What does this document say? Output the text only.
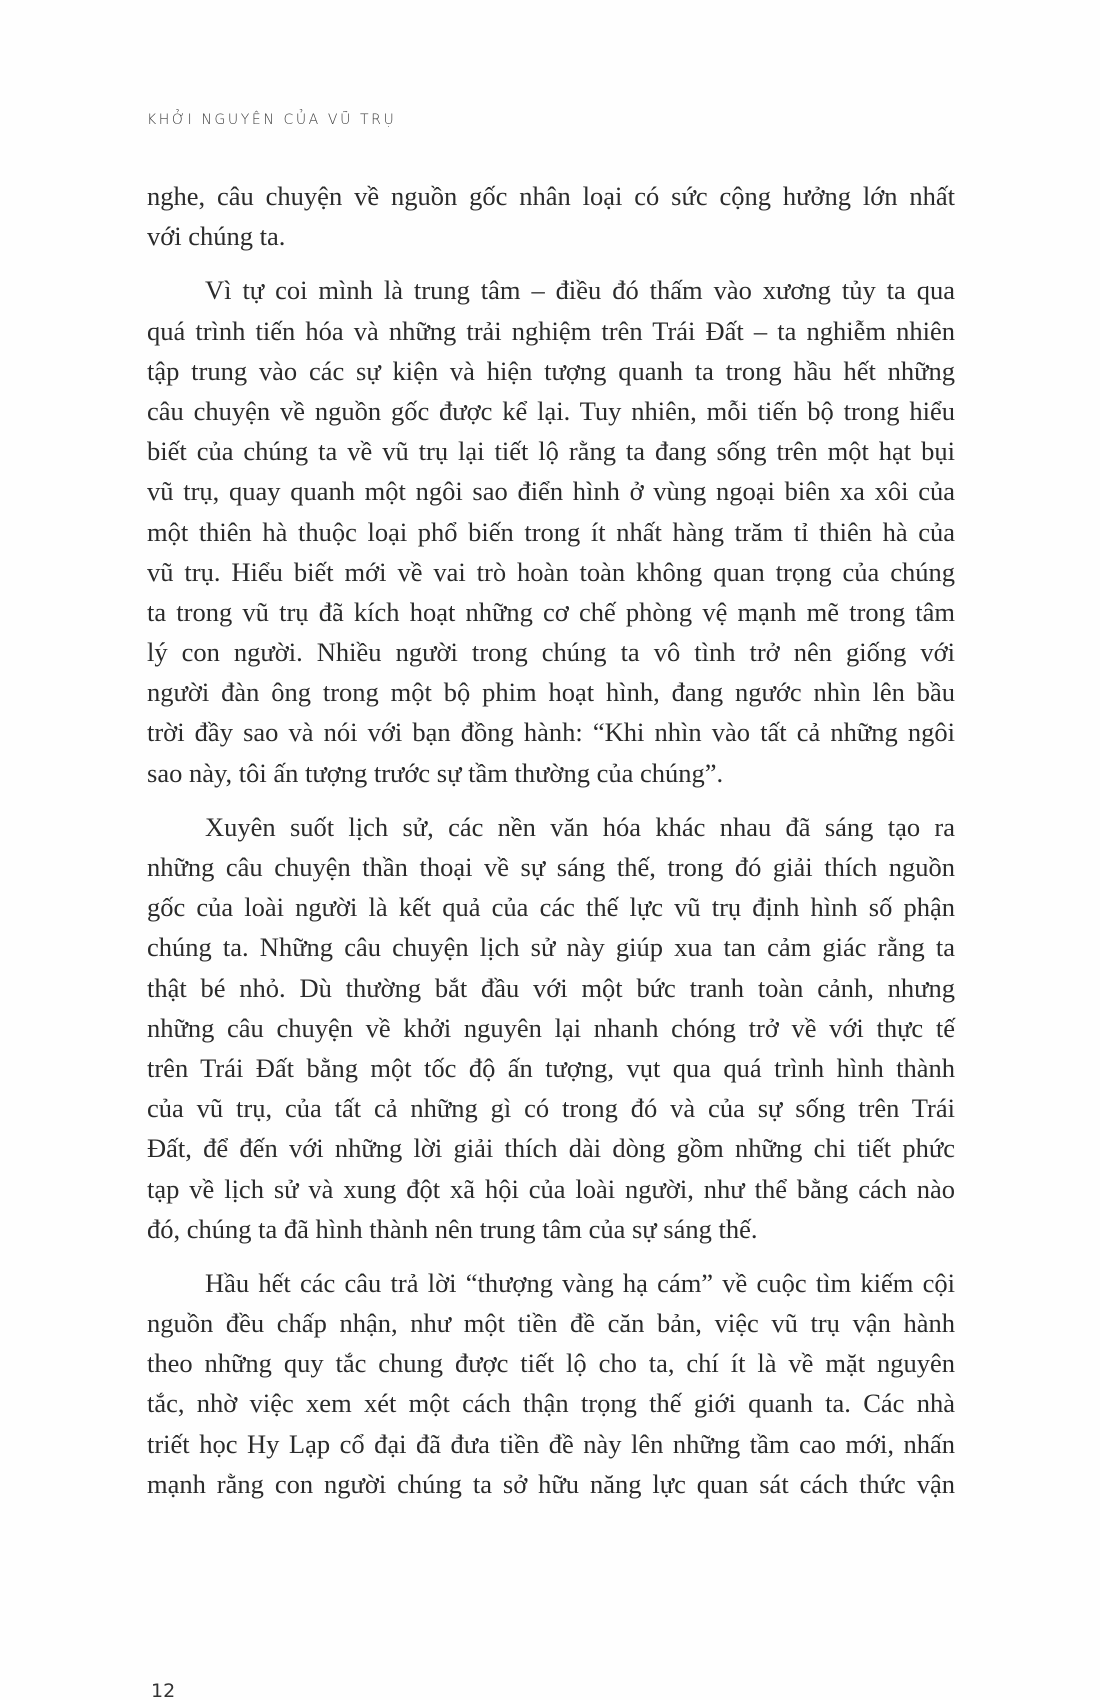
KHỞI NGUYÊN CỦA VŨ TRỤ
nghe, câu chuyện về nguồn gốc nhân loại có sức cộng hưởng lớn nhất
với chúng ta.
Vì tự coi mình là trung tâm – điều đó thấm vào xương tủy ta qua
quá trình tiến hóa và những trải nghiệm trên Trái Đất – ta nghiễm nhiên
tập trung vào các sự kiện và hiện tượng quanh ta trong hầu hết những
câu chuyện về nguồn gốc được kể lại. Tuy nhiên, mỗi tiến bộ trong hiểu
biết của chúng ta về vũ trụ lại tiết lộ rằng ta đang sống trên một hạt bụi
vũ trụ, quay quanh một ngôi sao điển hình ở vùng ngoại biên xa xôi của
một thiên hà thuộc loại phổ biến trong ít nhất hàng trăm tỉ thiên hà của
vũ trụ. Hiểu biết mới về vai trò hoàn toàn không quan trọng của chúng
ta trong vũ trụ đã kích hoạt những cơ chế phòng vệ mạnh mẽ trong tâm
lý con người. Nhiều người trong chúng ta vô tình trở nên giống với
người đàn ông trong một bộ phim hoạt hình, đang ngước nhìn lên bầu
trời đầy sao và nói với bạn đồng hành: “Khi nhìn vào tất cả những ngôi
sao này, tôi ấn tượng trước sự tầm thường của chúng”.
Xuyên suốt lịch sử, các nền văn hóa khác nhau đã sáng tạo ra
những câu chuyện thần thoại về sự sáng thế, trong đó giải thích nguồn
gốc của loài người là kết quả của các thế lực vũ trụ định hình số phận
chúng ta. Những câu chuyện lịch sử này giúp xua tan cảm giác rằng ta
thật bé nhỏ. Dù thường bắt đầu với một bức tranh toàn cảnh, nhưng
những câu chuyện về khởi nguyên lại nhanh chóng trở về với thực tế
trên Trái Đất bằng một tốc độ ấn tượng, vụt qua quá trình hình thành
của vũ trụ, của tất cả những gì có trong đó và của sự sống trên Trái
Đất, để đến với những lời giải thích dài dòng gồm những chi tiết phức
tạp về lịch sử và xung đột xã hội của loài người, như thể bằng cách nào
đó, chúng ta đã hình thành nên trung tâm của sự sáng thế.
Hầu hết các câu trả lời “thượng vàng hạ cám” về cuộc tìm kiếm cội
nguồn đều chấp nhận, như một tiền đề căn bản, việc vũ trụ vận hành
theo những quy tắc chung được tiết lộ cho ta, chí ít là về mặt nguyên
tắc, nhờ việc xem xét một cách thận trọng thế giới quanh ta. Các nhà
triết học Hy Lạp cổ đại đã đưa tiền đề này lên những tầm cao mới, nhấn
mạnh rằng con người chúng ta sở hữu năng lực quan sát cách thức vận
12
